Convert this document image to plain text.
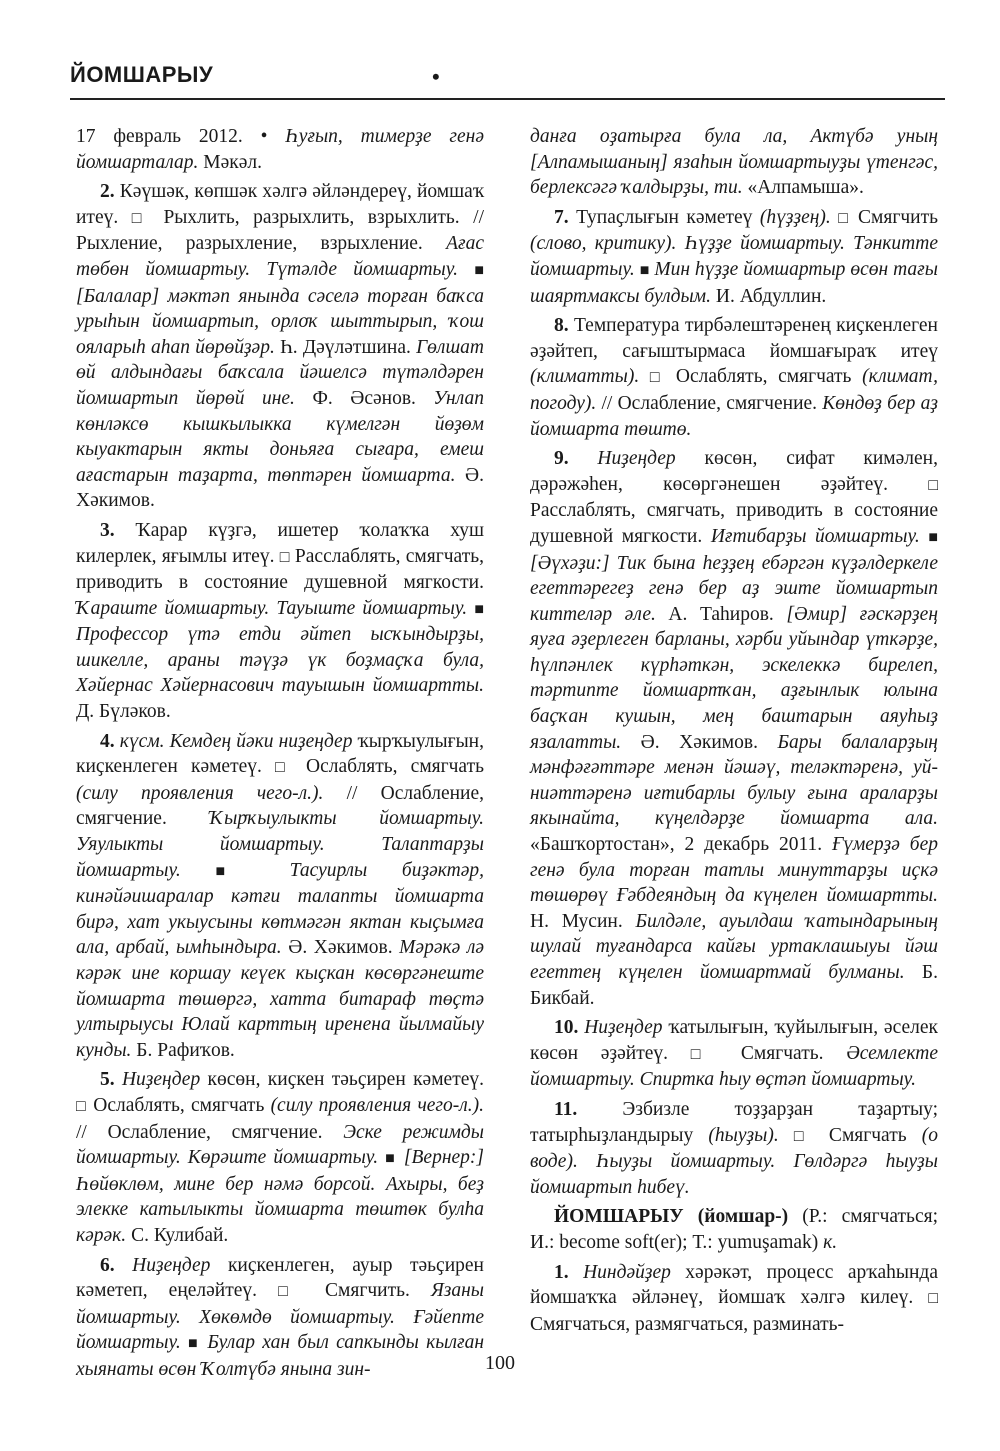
ЙОМШАРЫУ	•

17 февраль 2012. • Һуғып, тимерҙе генә йомшарталар. Мәкәл.

2. Кәүшәк, көпшәк хәлгә әйләндереү, йомшаҡ итеү. □ Рыхлить, разрыхлить, взрыхлить. // Рыхление, разрыхление, взрыхление. Ағас төбөн йомшартыу. Түтәлде йомшартыу. ■ [Балалар] мәктәп янында сәселә торған баҡса урыһын йомшартып, орлоҡ шыттырып, ҡош ояларыһ аһап йөрөйҙәр. Һ. Дәүләтшина. Гөлшат өй алдындағы баҡсала йәшелсә түтәлдәрен йомшартып йөрөй ине. Ф. Әсәнов. Унлап көнләксө кышкылыкка күмелгән йөҙөм кыуактарын якты доньяға сығара, емеш ағастарын таҙарта, төптәрен йомшарта. Ә. Хәкимов.

3. Ҡарар күҙгә, ишетер ҡолаҡҡа хуш килерлек, яғымлы итеү. □ Расслаблять, смягчать, приводить в состояние душевной мягкости. Ҡараште йомшартыу. Тауыште йомшартыу. ■ Профессор үтә етди әйтеп ысҡындырҙы, шикелле, араны тәүҙә үк боҙмаҫҡа була, Хәйернас Хәйернасович тауышын йомшартты. Д. Бүләков.

4. күсм. Кемдең йәки ниҙеңдер ҡырҡыулығын, киҫкенлеген кәметеү. □ Ослаблять, смягчать (силу проявления чего-л.). // Ослабление, смягчение. Ҡырҡыулыкты йомшартыу. Уяулыкты йомшартыу. Талаптарҙы йомшартыу. ■ Тасуирлы биҙәктәр, кинәйәишаралар кәтғи талапты йомшарта бирә, хат укыусыны көтмәгән яктан кыҫымға ала, арбай, ымһындыра. Ә. Хәкимов. Мәрәкә лә кәрәк ине коршау кеүек кыҫкан көсөргәнеште йомшарта төшөргә, хатта битараф төҫтә ултырыусы Юлай карттың иренена йылмайыу кунды. Б. Рафиҡов.

5. Ниҙеңдер көсөн, киҫкен тәьҫирен кәметеү. □ Ослаблять, смягчать (силу проявления чего-л.). // Ослабление, смягчение. Эске режимды йомшартыу. Көрәште йомшартыу. ■ [Вернер:] Һөйөклөм, мине бер нәмә борсой. Ахыры, беҙ элекке катылыкты йомшарта төштөк булһа кәрәк. С. Кулибай.

6. Ниҙеңдер киҫкенлеген, ауыр тәьҫирен кәметеп, еңеләйтеү. □ Смягчить. Язаны йомшартыу. Хөкөмдө йомшартыу. Ғәйепте йомшартыу. ■ Булар хан был сапкынды кылған хыянаты өсөн Ҡолтүбә янына зин-

данға оҙатырға була ла, Актүбә уның [Алпамышаның] язаһын йомшартыуҙы үтенгәс, берлексәгә ҡалдырҙы, ти. «Алпамыша».

7. Тупаҫлығын кәметеү (һүҙҙең). □ Смягчить (слово, критику). Һүҙҙе йомшартыу. Тәнкитте йомшартыу. ■ Мин һүҙҙе йомшартыр өсөн тағы шаяртмаксы булдым. И. Абдуллин.

8. Температура тирбәлештәренең киҫкенлеген әҙәйтеп, сағыштырмаса йомшағыраҡ итеү (климатты). □ Ослаблять, смягчать (климат, погоду). // Ослабление, смягчение. Көндөҙ бер аҙ йомшарта төштө.

9. Ниҙеңдер көсөн, сифат кимәлен, дәрәжәһен, көсөргәнешен әҙәйтеү. □ Расслаблять, смягчать, приводить в состояние душевной мягкости. Иғтибарҙы йомшартыу. ■ [Әүхәҙи:] Тик бына һеҙҙең ебәргән күҙәлдеркеле егеттәрегеҙ генә бер аҙ эште йомшартып киттеләр әле. А. Таһиров. [Әмир] ғәскәрҙең яуға әҙерлеген барланы, хәрби уйындар үткәрҙе, һүлпәнлек күрһәткән, эскелеккә бирелеп, тәртипте йомшартҡан, аҙғынлык юлына баҫҡан кушын, мең баштарын аяуһыҙ язалатты. Ә. Хәкимов. Бары балаларҙың мәнфәғәттәре менән йәшәү, теләктәренә, уй-ниәттәренә иғтибарлы булыу ғына араларҙы якынайта, күңелдәрҙе йомшарта ала. «Башҡортостан», 2 декабрь 2011. Ғүмерҙә бер генә була торған татлы минуттарҙы иҫкә төшөрөү Ғәбдеяндың да күңелен йомшартты. Н. Мусин. Билдәле, ауылдаш ҡатындарының шулай туғандарса кайғы уртаклашыуы йәш егеттең күңелен йомшартмай булманы. Б. Бикбай.

10. Ниҙеңдер ҡатылығын, ҡуйылығын, әселек көсөн әҙәйтеү. □ Смягчать. Әсемлекте йомшартыу. Спиртка һыу өҫтәп йомшартыу.

11. Эзбизле тоҙҙарҙан таҙартыу; татырһыҙландырыу (һыуҙы). □ Смягчать (о воде). Һыуҙы йомшартыу. Гөлдәргә һыуҙы йомшартып һибеү.

ЙОМШАРЫУ (йомшар-) (Р.: смягчаться; И.: become soft(er); Т.: yumuşamak) к.

1. Ниндәйҙер хәрәкәт, процесс арҡаһында йомшаҡҡа әйләнеү, йомшаҡ хәлгә килеү. □ Смягчаться, размягчаться, разминать-

100
